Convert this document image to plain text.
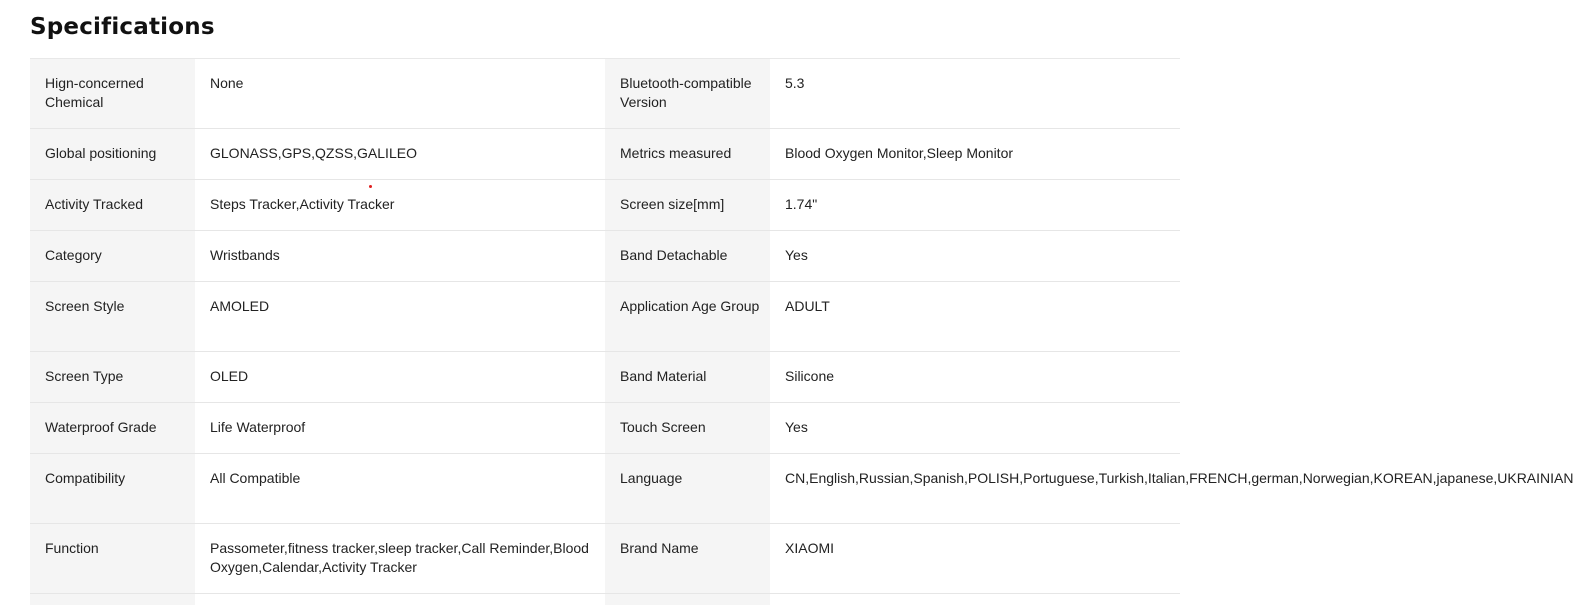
Specifications
Hign-concerned Chemical	None	Bluetooth-compatible Version	5.3
Global positioning	GLONASS,GPS,QZSS,GALILEO	Metrics measured	Blood Oxygen Monitor,Sleep Monitor
Activity Tracked	Steps Tracker,Activity Tracker	Screen size[mm]	1.74"
Category	Wristbands	Band Detachable	Yes
Screen Style	AMOLED	Application Age Group	ADULT
Screen Type	OLED	Band Material	Silicone
Waterproof Grade	Life Waterproof	Touch Screen	Yes
Compatibility	All Compatible	Language	CN,English,Russian,Spanish,POLISH,Portuguese,Turkish,Italian,FRENCH,german,Norwegian,KOREAN,japanese,UKRAINIAN
Function	Passometer,fitness tracker,sleep tracker,Call Reminder,Blood Oxygen,Calendar,Activity Tracker	Brand Name	XIAOMI
